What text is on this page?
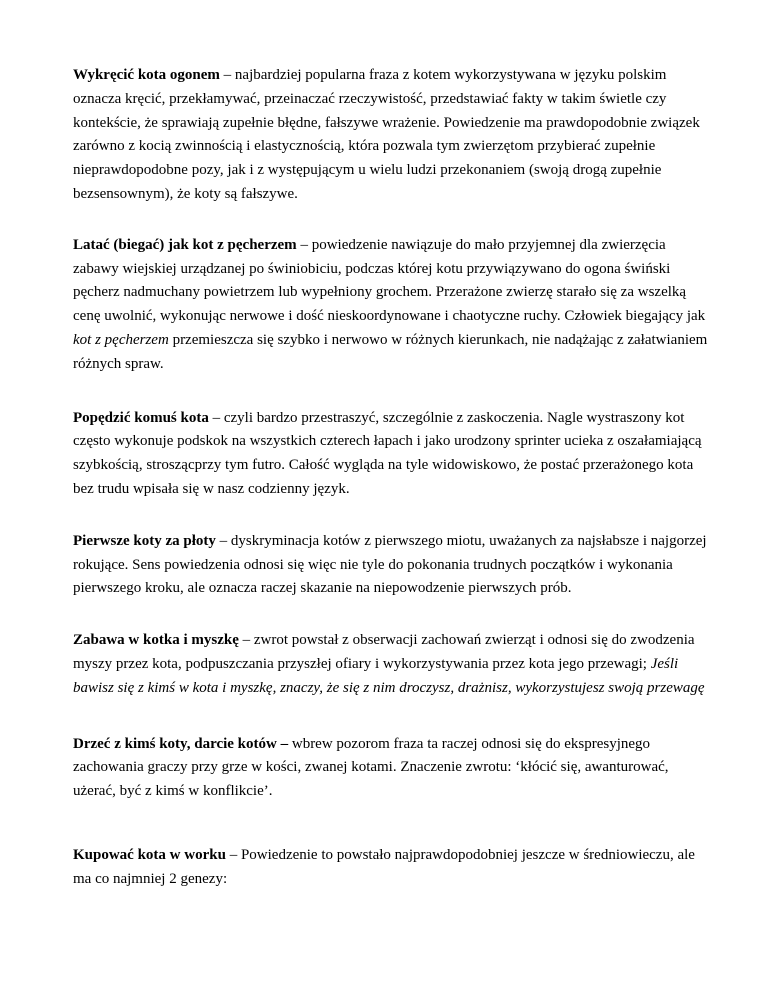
Wykręcić kota ogonem – najbardziej popularna fraza z kotem wykorzystywana w języku polskim oznacza kręcić, przekłamywać, przeinaczać rzeczywistość, przedstawiać fakty w takim świetle czy kontekście, że sprawiają zupełnie błędne, fałszywe wrażenie. Powiedzenie ma prawdopodobnie związek zarówno z kocią zwinnością i elastycznością, która pozwala tym zwierzętom przybierać zupełnie nieprawdopodobne pozy, jak i z występującym u wielu ludzi przekonaniem (swoją drogą zupełnie bezsensownym), że koty są fałszywe.

Latać (biegać) jak kot z pęcherzem – powiedzenie nawiązuje do mało przyjemnej dla zwierzęcia zabawy wiejskiej urządzanej po świniobiciu, podczas której kotu przywiązywano do ogona świński pęcherz nadmuchany powietrzem lub wypełniony grochem. Przerażone zwierzę starało się za wszelką cenę uwolnić, wykonując nerwowe i dość nieskoordynowane i chaotyczne ruchy. Człowiek biegający jak kot z pęcherzem przemieszcza się szybko i nerwowo w różnych kierunkach, nie nadążając z załatwianiem różnych spraw.

Popędzić komuś kota – czyli bardzo przestraszyć, szczególnie z zaskoczenia. Nagle wystraszony kot często wykonuje podskok na wszystkich czterech łapach i jako urodzony sprinter ucieka z oszałamiającą szybkością, stroszącprzy tym futro. Całość wygląda na tyle widowiskowo, że postać przerażonego kota bez trudu wpisała się w nasz codzienny język.

Pierwsze koty za płoty – dyskryminacja kotów z pierwszego miotu, uważanych za najsłabsze i najgorzej rokujące. Sens powiedzenia odnosi się więc nie tyle do pokonania trudnych początków i wykonania pierwszego kroku, ale oznacza raczej skazanie na niepowodzenie pierwszych prób.

Zabawa w kotka i myszkę – zwrot powstał z obserwacji zachowań zwierząt i odnosi się do zwodzenia myszy przez kota, podpuszczania przyszłej ofiary i wykorzystywania przez kota jego przewagi; Jeśli bawisz się z kimś w kota i myszkę, znaczy, że się z nim droczysz, drażnisz, wykorzystujesz swoją przewagę

Drzeć z kimś koty, darcie kotów – wbrew pozorom fraza ta raczej odnosi się do ekspresyjnego zachowania graczy przy grze w kości, zwanej kotami. Znaczenie zwrotu: ‘kłócić się, awanturować, użerać, być z kimś w konflikcie’.

Kupować kota w worku – Powiedzenie to powstało najprawdopodobniej jeszcze w średniowieczu, ale ma co najmniej 2 genezy:
